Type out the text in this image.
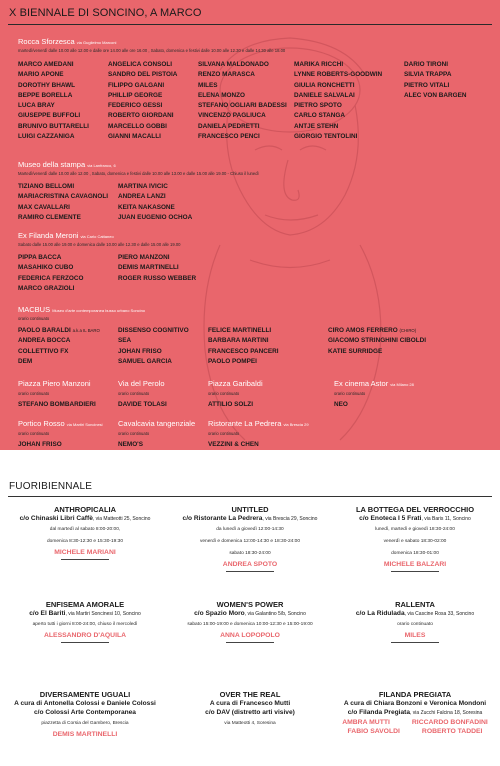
X BIENNALE DI SONCINO, A MARCO
Rocca Sforzesca via Guglielmo Marconi
martedì/venerdì dalle 10.00 alle 12.00 e dalle ore 14.00 alle ore 16.00 , Sabato, domenica e festivi dalle 10.00 alle 12.30 e dalle 14.30 alle 18.00
MARCO AMEDANI
MARIO APONE
DOROTHY BHAWL
BEPPE BORELLA
LUCA BRAY
GIUSEPPE BUFFOLI
BRUNIVO BUTTARELLI
LUIGI CAZZANIGA
ANGELICA CONSOLI
SANDRO DEL PISTOIA
FILIPPO GALGANI
PHILLIP GEORGE
FEDERICO GESSI
ROBERTO GIORDANI
MARCELLO GOBBI
GIANNI MACALLI
SILVANA MALDONADO
RENZO MARASCA
MILES
ELENA MONZO
STEFANO OGLIARI BADESSI
VINCENZO PAGLIUCA
DANIELA PEDRETTI
FRANCESCO PENCI
MARIKA RICCHI
LYNNE ROBERTS-GOODWIN
GIULIA RONCHETTI
DANIELE SALVALAI
PIETRO SPOTO
CARLO STANGA
ANTJE STEHN
GIORGIO TENTOLINI
DARIO TIRONI
SILVIA TRAPPA
PIETRO VITALI
ALEC VON BARGEN
Museo della stampa via Lanfranco, 6
Martedì/venerdì dalle 10.00 alle 12.00 , Sabato, domenica e festivi dalle 10.00 alle 13.00 e dalle 15.00 alle 19.00 - Chiuso il lunedì
TIZIANO BELLOMI
MARIACRISTINA CAVAGNOLI
MAX CAVALLARI
RAMIRO CLEMENTE
MARTINA IVICIC
ANDREA LANZI
KEITA NAKASONE
JUAN EUGENIO OCHOA
Ex Filanda Meroni via Carlo Cattaneo
Sabato dalle 15.00 alle 19.00 e domenica dalle 10.00 alle 12.30 e dalle 15.00 alle 19.00
PIPPA BACCA
MASAHIKO CUBO
FEDERICA FERZOCO
MARCO GRAZIOLI
PIERO MANZONI
DEMIS MARTINELLI
ROGER RUSSO WEBBER
MACBUS Museo d'arte contemporanea busso urbano Soncino
orario continuato
PAOLO BARALDI a.k.a IL BARO
ANDREA BOCCA
COLLETTIVO FX
DEM
DISSENSO COGNITIVO
SEA
JOHAN FRISO
SAMUEL GARCIA
FELICE MARTINELLI
BARBARA MARTINI
FRANCESCO PANCERI
PAOLO POMPEI
CIRO AMOS FERRERO (CHIRO)
GIACOMO STRINGHINI CIBOLDI
KATIE SURRIDGE
Piazza Piero Manzoni
orario continuato
STEFANO BOMBARDIERI
Via del Perolo
orario continuato
DAVIDE TOLASI
Piazza Garibaldi
orario continuato
ATTILIO SOLZI
Ex cinema Astor via Milano 28
orario continuato
NEO
Portico Rosso via Martiri Soncinesi
orario continuato
JOHAN FRISO
Cavalcavia tangenziale
orario continuato
NEMO'S
Ristorante La Pedrera via Brescia 29
orario continuato
VEZZINI & CHEN
FUORIBIENNALE
ANTHROPICALIA
c/o Chinaski Libri Caffè, via Matteotti 25, Soncino
dal martedì al sabato 8:00-20:00,
domenica 8:30-12:30 e 15:30-19:30
MICHELE MARIANI
UNTITLED
c/o Ristorante La Pedrera, via Brescia 29, Soncino
da lunedì a giovedì 12:00-14:30
venerdì e domenica 12:00-14:30 e 18:30-24:00
sabato 18:30-24:00
ANDREA SPOTO
LA BOTTEGA DEL VERROCCHIO
c/o Enoteca I 5 Frati, via Baris 11, Soncino
lunedì, martedì e giovedì 18:30-24:00
venerdì e sabato 18:30-02:00
domenica 18:30-01:00
MICHELE BALZARI
ENFISEMA AMORALE
c/o El Bariti, via Martiri Soncinesi 10, Soncino
aperto tutti i giorni 8:00-24:00, chiuso il mercoledì
ALESSANDRO D'AQUILA
WOMEN'S POWER
c/o Spazio Moro, via Galantino 5/b, Soncino
sabato 15:00-19:00 e domenica 10:00-12:30 e 15:00-19:00
ANNA LOPOPOLO
RALLENTA
c/o La Ridulada, via Cascine Rosa 33, Soncino
orario continuato
MILES
DIVERSAMENTE UGUALI
A cura di Antonella Colossi e Daniele Colossi
c/o Colossi Arte Contemporanea
piazzetta di Corsia del Gambero, Brescia
DEMIS MARTINELLI
OVER THE REAL
A cura di Francesco Mutti
c/o DAV (distretto arti visive)
via Matteotti 4, Soresina
FILANDA PREGIATA
A cura di Chiara Bonzoni e Veronica Mondoni
c/o Filanda Pregiata, via Zucchi Falcina 18, Soresina
AMBRA MUTTI	RICCARDO BONFADINI
FABIO SAVOLDI	ROBERTO TADDEI
